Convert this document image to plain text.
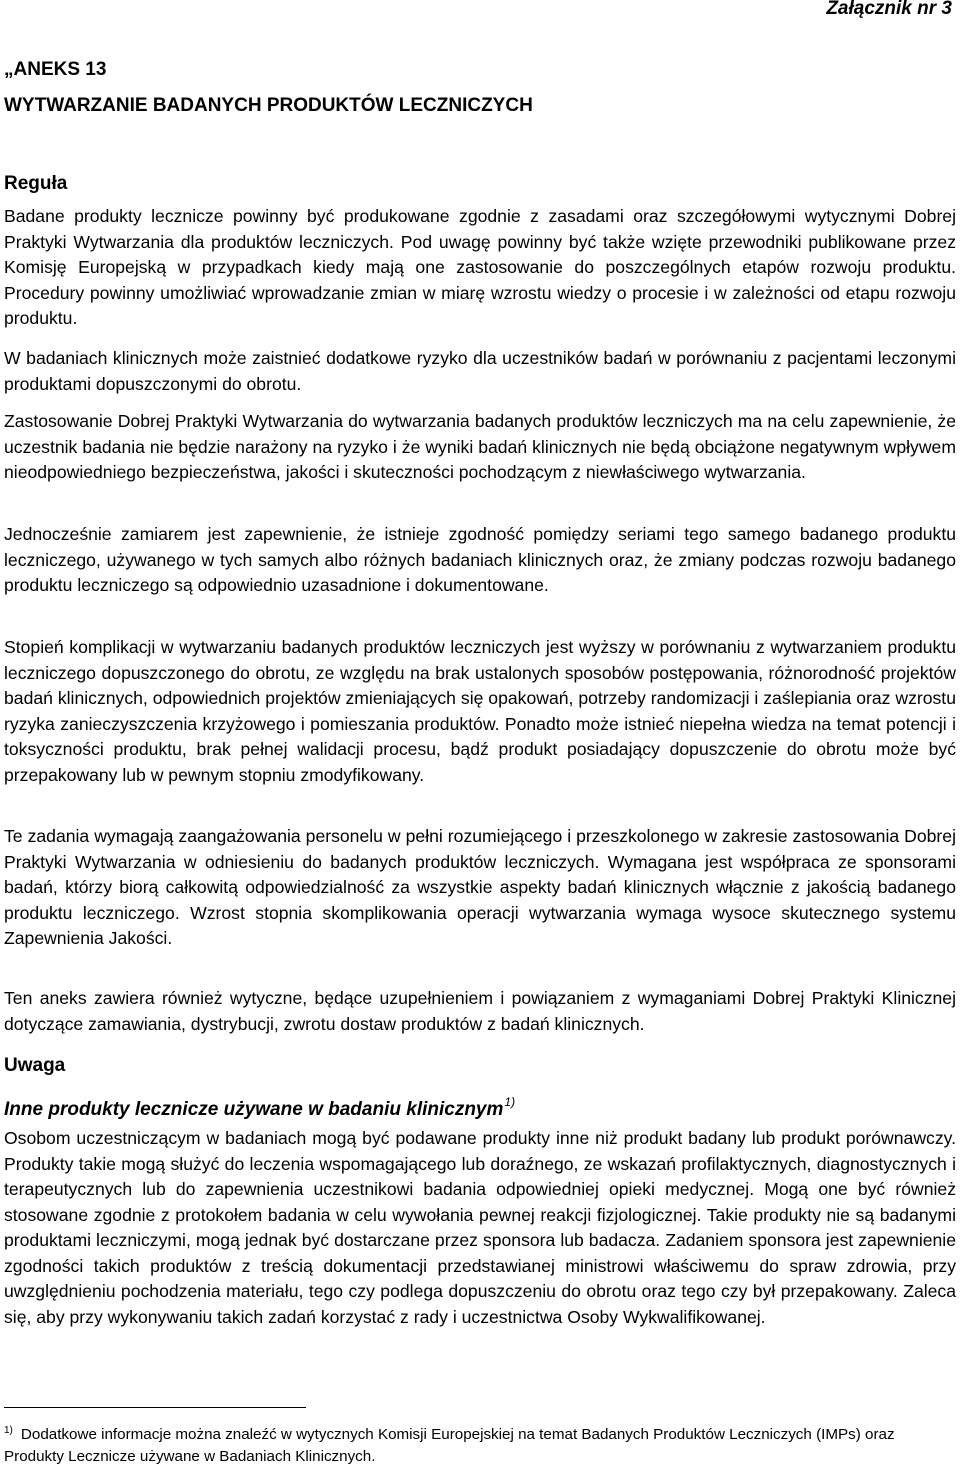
Załącznik nr 3

„ANEKS 13

WYTWARZANIE BADANYCH PRODUKTÓW LECZNICZYCH

Reguła

Badane produkty lecznicze powinny być produkowane zgodnie z zasadami oraz szczegółowymi wytycznymi Dobrej Praktyki Wytwarzania dla produktów leczniczych. Pod uwagę powinny być także wzięte przewodniki publikowane przez Komisję Europejską w przypadkach kiedy mają one zastosowanie do poszczególnych etapów rozwoju produktu. Procedury powinny umożliwiać wprowadzanie zmian w miarę wzrostu wiedzy o procesie i w zależności od etapu rozwoju produktu.

W badaniach klinicznych może zaistnieć dodatkowe ryzyko dla uczestników badań w porównaniu z pacjentami leczonymi produktami dopuszczonymi do obrotu.

Zastosowanie Dobrej Praktyki Wytwarzania do wytwarzania badanych produktów leczniczych ma na celu zapewnienie, że uczestnik badania nie będzie narażony na ryzyko i że wyniki badań klinicznych nie będą obciążone negatywnym wpływem nieodpowiedniego bezpieczeństwa, jakości i skuteczności pochodzącym z niewłaściwego wytwarzania.

Jednocześnie zamiarem jest zapewnienie, że istnieje zgodność pomiędzy seriami tego samego badanego produktu leczniczego, używanego w tych samych albo różnych badaniach klinicznych oraz, że zmiany podczas rozwoju badanego produktu leczniczego są odpowiednio uzasadnione i dokumentowane.

Stopień komplikacji w wytwarzaniu badanych produktów leczniczych jest wyższy w porównaniu z wytwarzaniem produktu leczniczego dopuszczonego do obrotu, ze względu na brak ustalonych sposobów postępowania, różnorodność projektów badań klinicznych, odpowiednich projektów zmieniających się opakowań, potrzeby randomizacji i zaślepiania oraz wzrostu ryzyka zanieczyszczenia krzyżowego i pomieszania produktów. Ponadto może istnieć niepełna wiedza na temat potencji i toksyczności produktu, brak pełnej walidacji procesu, bądź produkt posiadający dopuszczenie do obrotu może być przepakowany lub w pewnym stopniu zmodyfikowany.

Te zadania wymagają zaangażowania personelu w pełni rozumiejącego i przeszkolonego w zakresie zastosowania Dobrej Praktyki Wytwarzania w odniesieniu do badanych produktów leczniczych. Wymagana jest współpraca ze sponsorami badań, którzy biorą całkowitą odpowiedzialność za wszystkie aspekty badań klinicznych włącznie z jakością badanego produktu leczniczego. Wzrost stopnia skomplikowania operacji wytwarzania wymaga wysoce skutecznego systemu Zapewnienia Jakości.

Ten aneks zawiera również wytyczne, będące uzupełnieniem i powiązaniem z wymaganiami Dobrej Praktyki Klinicznej dotyczące zamawiania, dystrybucji, zwrotu dostaw produktów z badań klinicznych.

Uwaga

Inne produkty lecznicze używane w badaniu klinicznym$^{1)}$

Osobom uczestniczącym w badaniach mogą być podawane produkty inne niż produkt badany lub produkt porównawczy. Produkty takie mogą służyć do leczenia wspomagającego lub doraźnego, ze wskazań profilaktycznych, diagnostycznych i terapeutycznych lub do zapewnienia uczestnikowi badania odpowiedniej opieki medycznej. Mogą one być również stosowane zgodnie z protokołem badania w celu wywołania pewnej reakcji fizjologicznej. Takie produkty nie są badanymi produktami leczniczymi, mogą jednak być dostarczane przez sponsora lub badacza. Zadaniem sponsora jest zapewnienie zgodności takich produktów z treścią dokumentacji przedstawianej ministrowi właściwemu do spraw zdrowia, przy uwzględnieniu pochodzenia materiału, tego czy podlega dopuszczeniu do obrotu oraz tego czy był przepakowany. Zaleca się, aby przy wykonywaniu takich zadań korzystać z rady i uczestnictwa Osoby Wykwalifikowanej.

$^{1)}$ Dodatkowe informacje można znaleźć w wytycznych Komisji Europejskiej na temat Badanych Produktów Leczniczych (IMPs) oraz Produkty Lecznicze używane w Badaniach Klinicznych.
